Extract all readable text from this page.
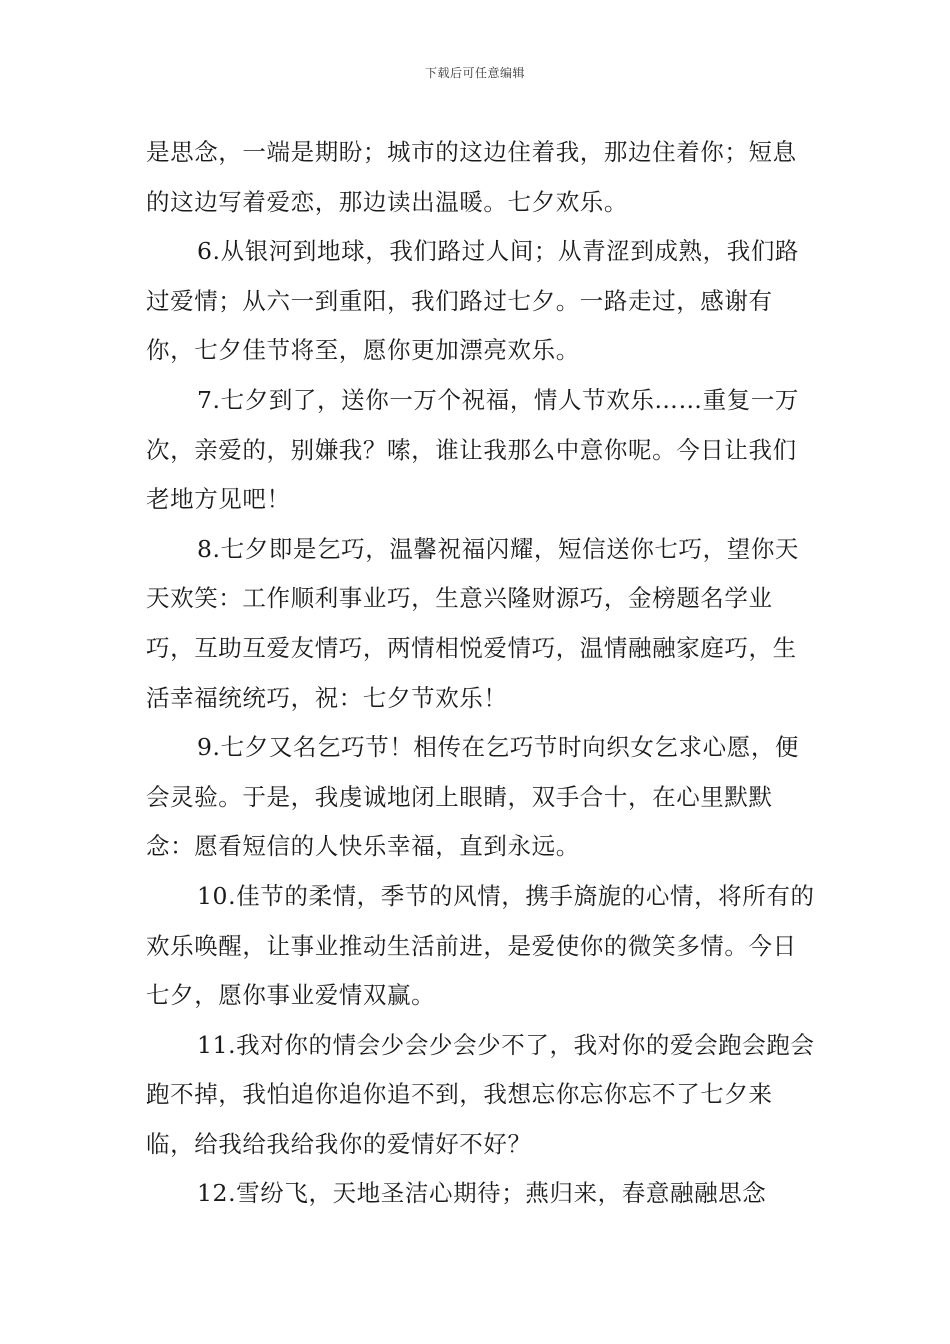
下载后可任意编辑

是思念，一端是期盼；城市的这边住着我，那边住着你；短息的这边写着爱恋，那边读出温暖。七夕欢乐。

6.从银河到地球，我们路过人间；从青涩到成熟，我们路过爱情；从六一到重阳，我们路过七夕。一路走过，感谢有你，七夕佳节将至，愿你更加漂亮欢乐。

7.七夕到了，送你一万个祝福，情人节欢乐……重复一万次，亲爱的，别嫌我？嗦，谁让我那么中意你呢。今日让我们老地方见吧！

8.七夕即是乞巧，温馨祝福闪耀，短信送你七巧，望你天天欢笑：工作顺利事业巧，生意兴隆财源巧，金榜题名学业巧，互助互爱友情巧，两情相悦爱情巧，温情融融家庭巧，生活幸福统统巧，祝：七夕节欢乐！

9.七夕又名乞巧节！相传在乞巧节时向织女乞求心愿，便会灵验。于是，我虔诚地闭上眼睛，双手合十，在心里默默念：愿看短信的人快乐幸福，直到永远。

10.佳节的柔情，季节的风情，携手旖旎的心情，将所有的欢乐唤醒，让事业推动生活前进，是爱使你的微笑多情。今日七夕，愿你事业爱情双赢。

11.我对你的情会少会少会少不了，我对你的爱会跑会跑会跑不掉，我怕追你追你追不到，我想忘你忘你忘不了七夕来临，给我给我给我你的爱情好不好？

12.雪纷飞，天地圣洁心期待；燕归来，春意融融思念
